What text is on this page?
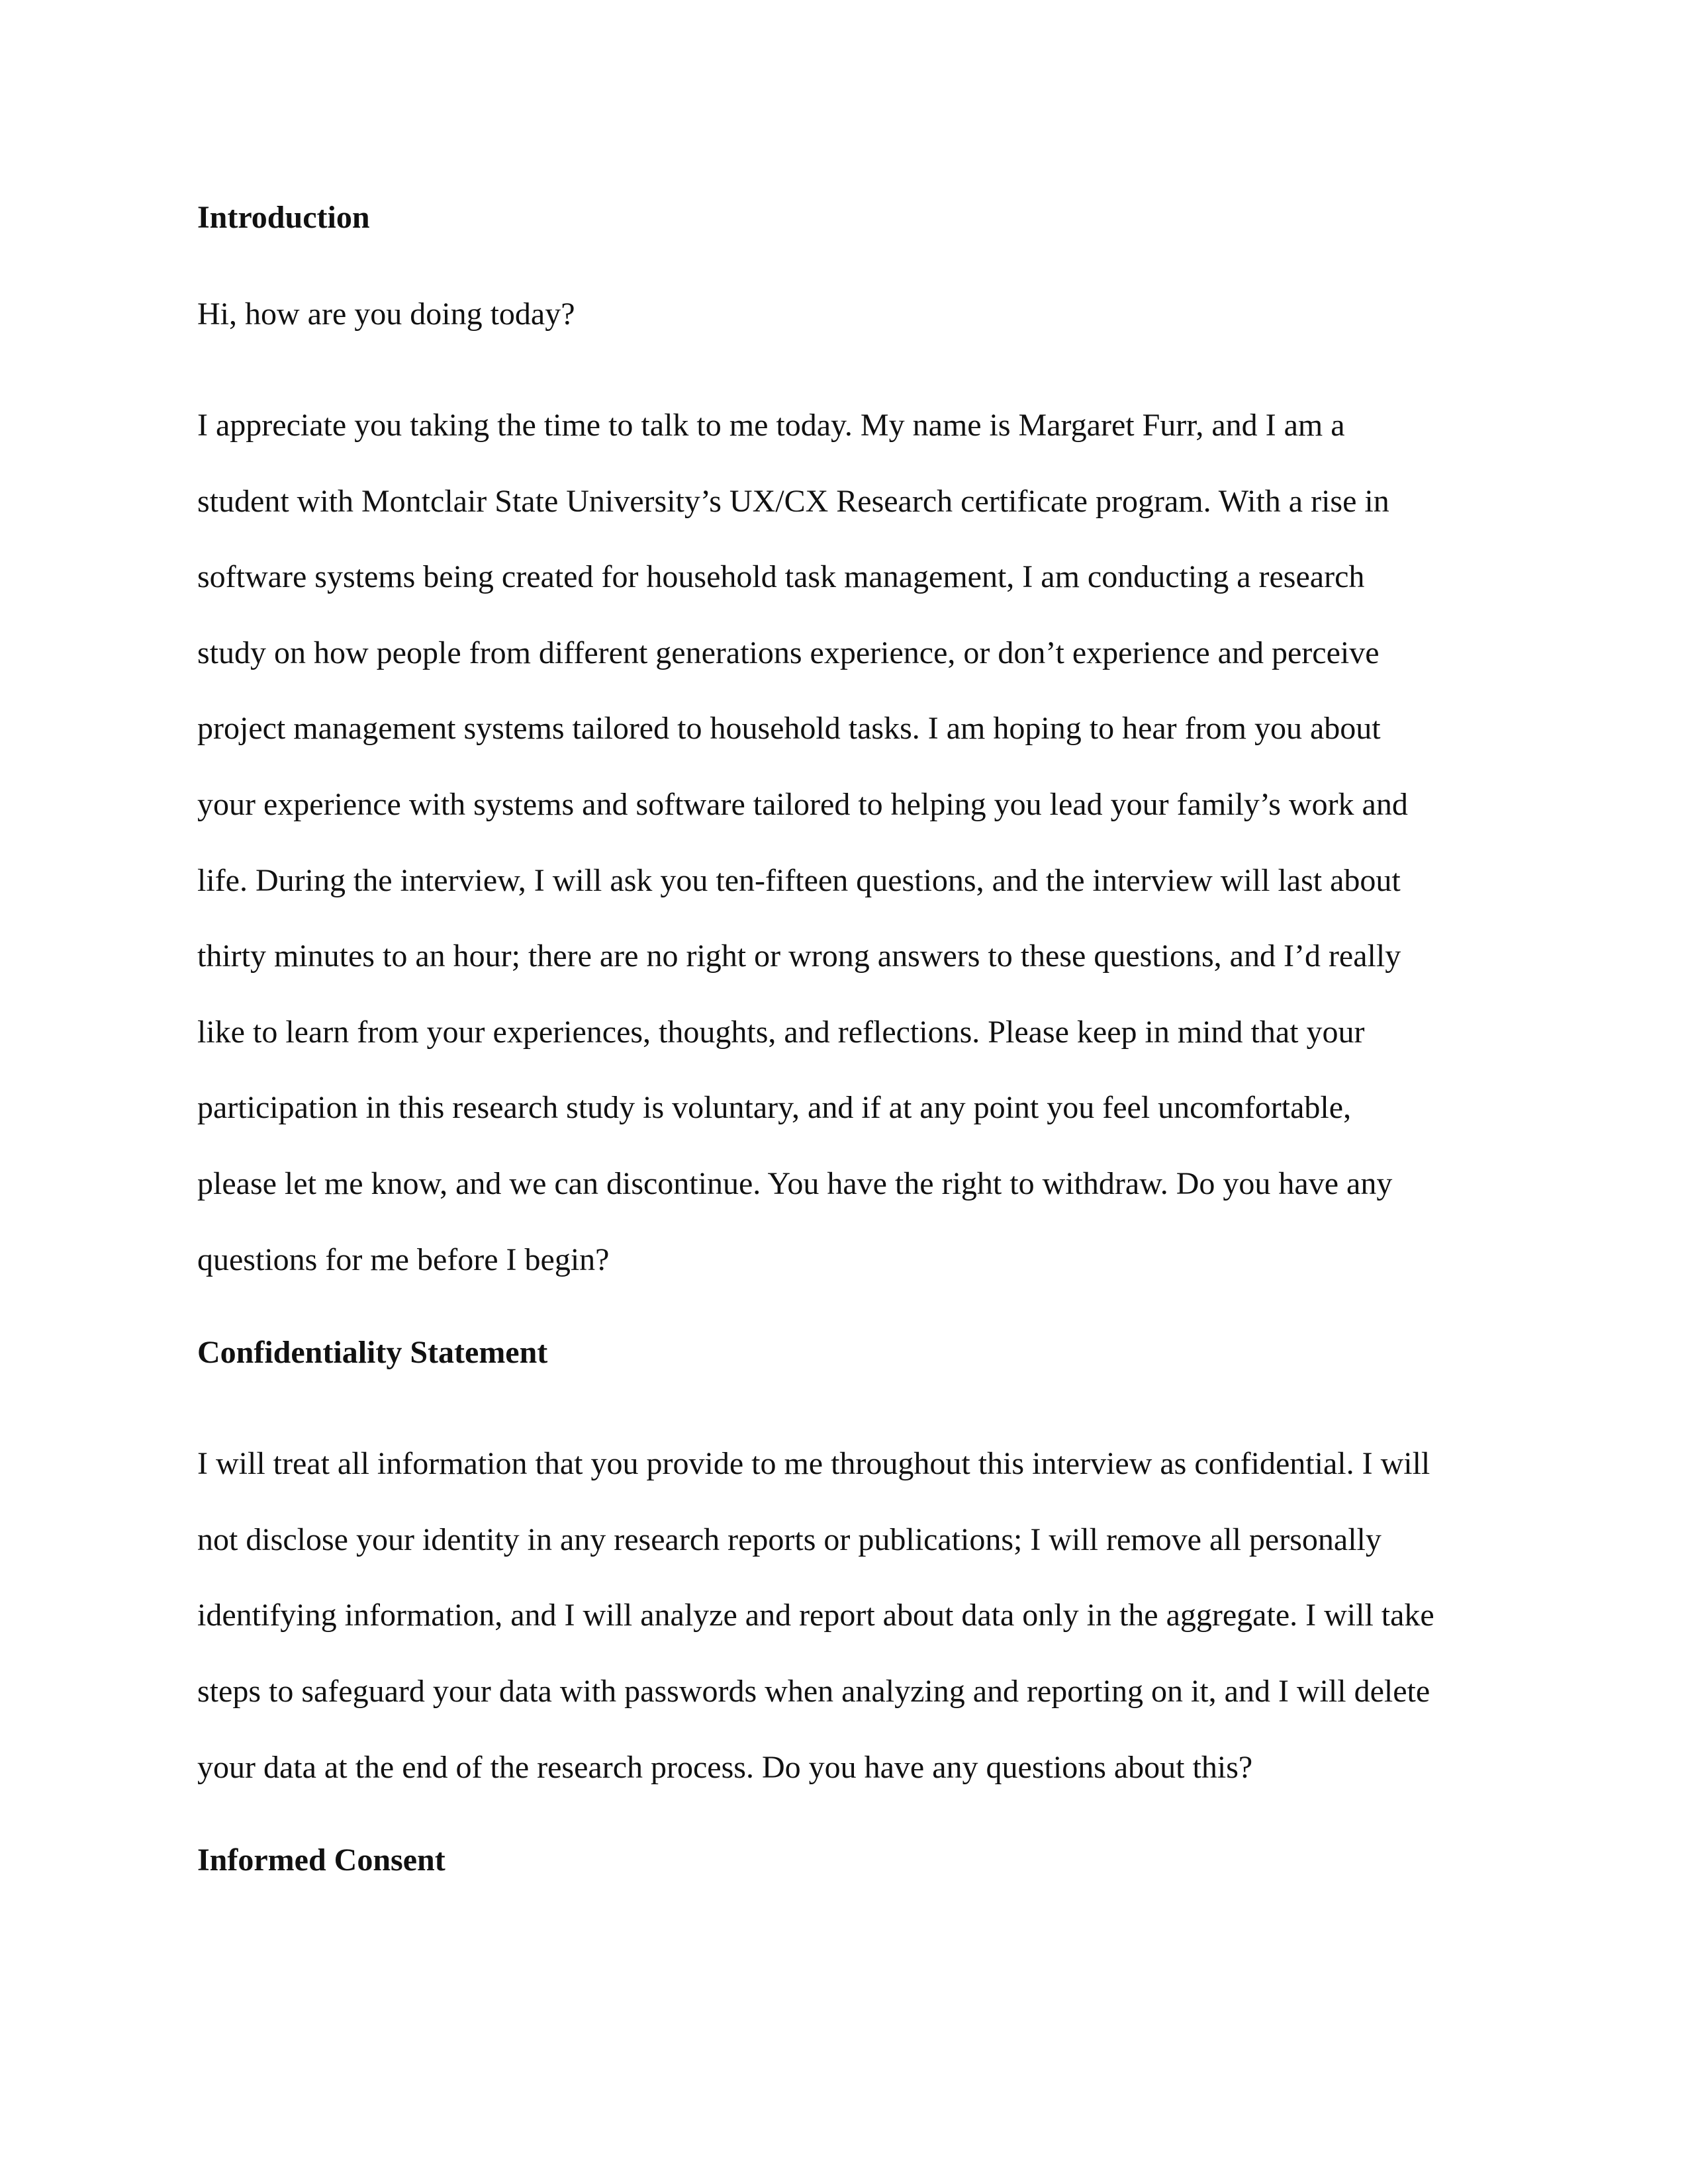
Introduction

Hi, how are you doing today?

I appreciate you taking the time to talk to me today. My name is Margaret Furr, and I am a
student with Montclair State University’s UX/CX Research certificate program. With a rise in
software systems being created for household task management, I am conducting a research
study on how people from different generations experience, or don’t experience and perceive
project management systems tailored to household tasks. I am hoping to hear from you about
your experience with systems and software tailored to helping you lead your family’s work and
life. During the interview, I will ask you ten-fifteen questions, and the interview will last about
thirty minutes to an hour; there are no right or wrong answers to these questions, and I’d really
like to learn from your experiences, thoughts, and reflections. Please keep in mind that your
participation in this research study is voluntary, and if at any point you feel uncomfortable,
please let me know, and we can discontinue. You have the right to withdraw. Do you have any
questions for me before I begin?

Confidentiality Statement

I will treat all information that you provide to me throughout this interview as confidential. I will
not disclose your identity in any research reports or publications; I will remove all personally
identifying information, and I will analyze and report about data only in the aggregate. I will take
steps to safeguard your data with passwords when analyzing and reporting on it, and I will delete
your data at the end of the research process. Do you have any questions about this?

Informed Consent
